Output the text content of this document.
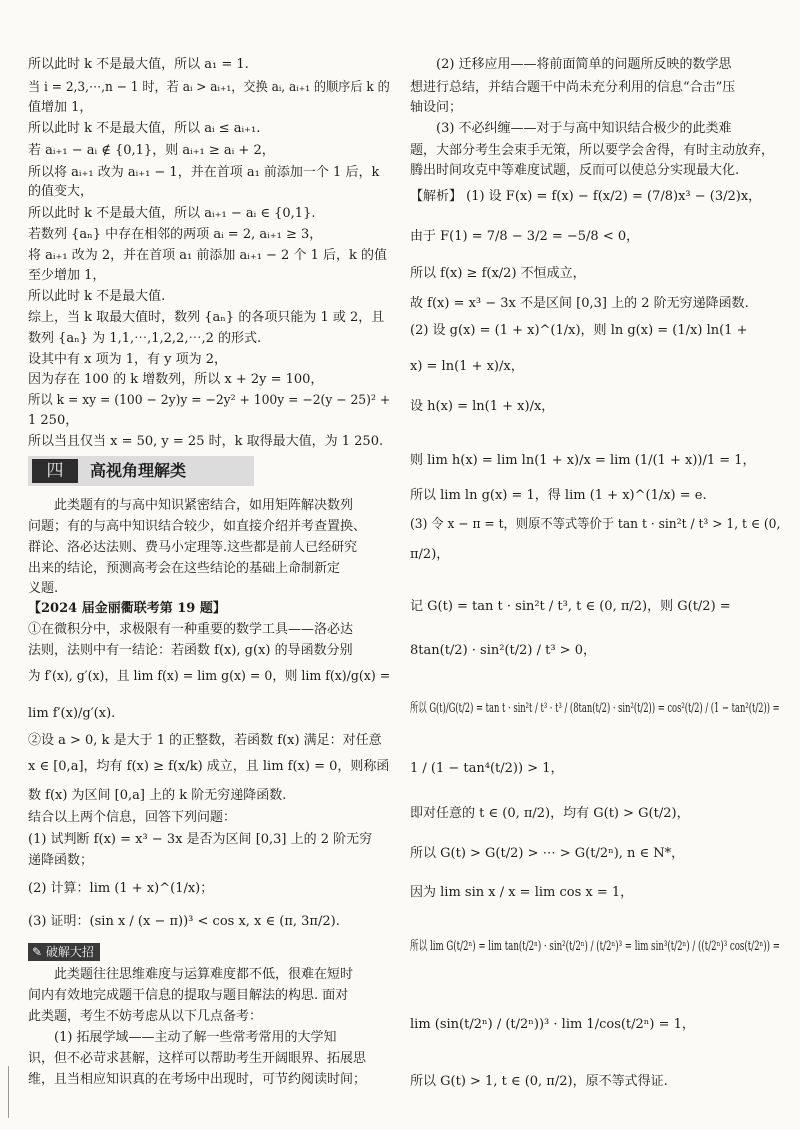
所以此时 k 不是最大值，所以 a₁ = 1.
当 i = 2,3,⋯,n − 1 时，若 aᵢ > aᵢ₊₁，交换 aᵢ, aᵢ₊₁ 的顺序后 k 的
值增加 1，
所以此时 k 不是最大值，所以 aᵢ ≤ aᵢ₊₁.
若 aᵢ₊₁ − aᵢ ∉ {0,1}，则 aᵢ₊₁ ≥ aᵢ + 2，
所以将 aᵢ₊₁ 改为 aᵢ₊₁ − 1，并在首项 a₁ 前添加一个 1 后，k
的值变大，
所以此时 k 不是最大值，所以 aᵢ₊₁ − aᵢ ∈ {0,1}.
若数列 {aₙ} 中存在相邻的两项 aᵢ = 2, aᵢ₊₁ ≥ 3，
将 aᵢ₊₁ 改为 2，并在首项 a₁ 前添加 aᵢ₊₁ − 2 个 1 后，k 的值
至少增加 1，
所以此时 k 不是最大值.
综上，当 k 取最大值时，数列 {aₙ} 的各项只能为 1 或 2，且
数列 {aₙ} 为 1,1,⋯,1,2,2,⋯,2 的形式.
设其中有 x 项为 1，有 y 项为 2，
因为存在 100 的 k 增数列，所以 x + 2y = 100，
所以 k = xy = (100 − 2y)y = −2y² + 100y = −2(y − 25)² +
1 250，
所以当且仅当 x = 50, y = 25 时，k 取得最大值，为 1 250.
四	高视角理解类
此类题有的与高中知识紧密结合，如用矩阵解决数列
问题；有的与高中知识结合较少，如直接介绍并考查置换、
群论、洛必达法则、费马小定理等.这些都是前人已经研究
出来的结论，预测高考会在这些结论的基础上命制新定
义题.
【2024 届金丽衢联考第 19 题】
①在微积分中，求极限有一种重要的数学工具——洛必达
法则，法则中有一结论：若函数 f(x), g(x) 的导函数分别
为 f′(x), g′(x)，且 lim f(x) = lim g(x) = 0，则 lim f(x)/g(x) =
lim f′(x)/g′(x).
②设 a > 0, k 是大于 1 的正整数，若函数 f(x) 满足：对任意
x ∈ [0,a]，均有 f(x) ≥ f(x/k) 成立，且 lim f(x) = 0，则称函
数 f(x) 为区间 [0,a] 上的 k 阶无穷递降函数.
结合以上两个信息，回答下列问题：
(1) 试判断 f(x) = x³ − 3x 是否为区间 [0,3] 上的 2 阶无穷
递降函数；
(2) 计算：lim (1 + x)^(1/x)；
(3) 证明：(sin x / (x − π))³ < cos x, x ∈ (π, 3π/2).
✎ 破解大招
此类题往往思维难度与运算难度都不低，很难在短时
间内有效地完成题干信息的提取与题目解法的构思. 面对
此类题，考生不妨考虑从以下几点备考：
(1) 拓展学域——主动了解一些常考常用的大学知
识，但不必苛求甚解，这样可以帮助考生开阔眼界、拓展思
维，且当相应知识真的在考场中出现时，可节约阅读时间；
(2) 迁移应用——将前面简单的问题所反映的数学思
想进行总结，并结合题干中尚未充分利用的信息“合击”压
轴设问；
(3) 不必纠缠——对于与高中知识结合极少的此类难
题，大部分考生会束手无策，所以要学会舍得，有时主动放弃，
腾出时间攻克中等难度试题，反而可以使总分实现最大化.
【解析】 (1) 设 F(x) = f(x) − f(x/2) = (7/8)x³ − (3/2)x，
由于 F(1) = 7/8 − 3/2 = −5/8 < 0，
所以 f(x) ≥ f(x/2) 不恒成立，
故 f(x) = x³ − 3x 不是区间 [0,3] 上的 2 阶无穷递降函数.
(2) 设 g(x) = (1 + x)^(1/x)，则 ln g(x) = (1/x) ln(1 +
x) = ln(1 + x)/x，
设 h(x) = ln(1 + x)/x，
则 lim h(x) = lim ln(1 + x)/x = lim (1/(1 + x))/1 = 1，
所以 lim ln g(x) = 1，得 lim (1 + x)^(1/x) = e.
(3) 令 x − π = t，则原不等式等价于 tan t · sin²t / t³ > 1, t ∈ (0,
π/2)，
记 G(t) = tan t · sin²t / t³, t ∈ (0, π/2)，则 G(t/2) =
8tan(t/2) · sin²(t/2) / t³ > 0，
所以 G(t)/G(t/2) = tan t · sin²t / t³ · t³ / (8tan(t/2) · sin²(t/2)) = cos²(t/2) / (1 − tan²(t/2)) =
1 / (1 − tan⁴(t/2)) > 1，
即对任意的 t ∈ (0, π/2)，均有 G(t) > G(t/2)，
所以 G(t) > G(t/2) > ⋯ > G(t/2ⁿ), n ∈ N*，
因为 lim sin x / x = lim cos x = 1，
所以 lim G(t/2ⁿ) = lim tan(t/2ⁿ) · sin²(t/2ⁿ) / (t/2ⁿ)³ = lim sin³(t/2ⁿ) / ((t/2ⁿ)³ cos(t/2ⁿ)) =
lim (sin(t/2ⁿ) / (t/2ⁿ))³ · lim 1/cos(t/2ⁿ) = 1，
所以 G(t) > 1, t ∈ (0, π/2)，原不等式得证.
